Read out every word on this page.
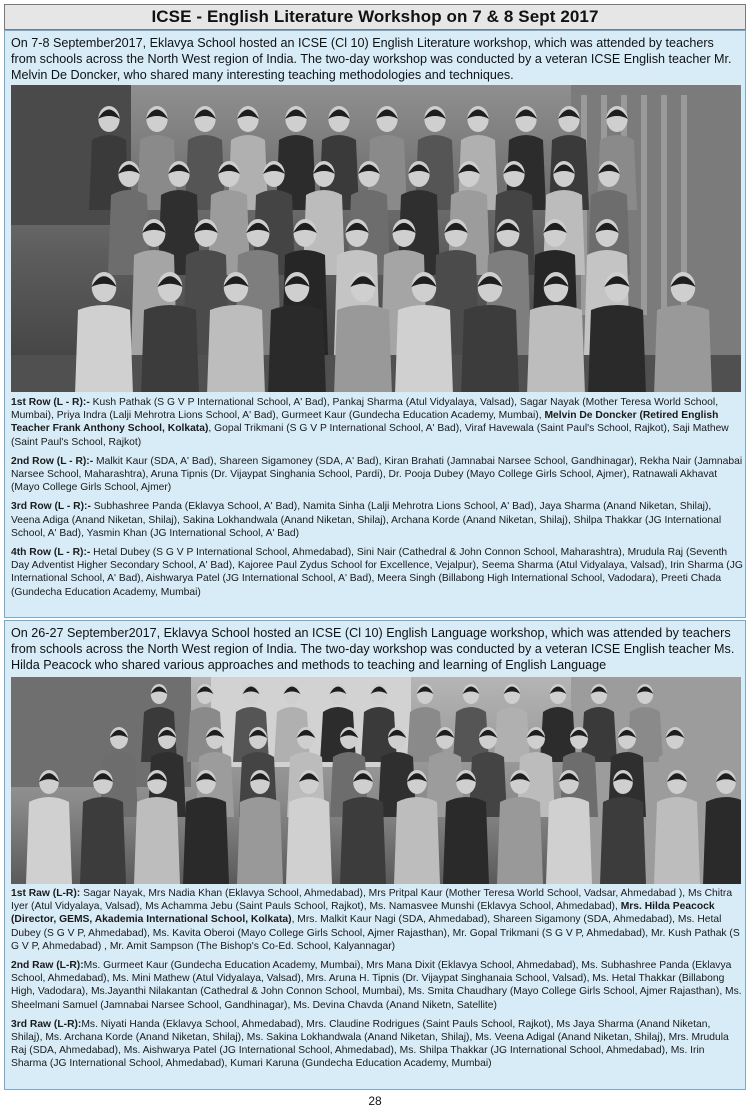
ICSE - English Literature Workshop on 7 & 8 Sept 2017

On 7-8 September2017, Eklavya School hosted an ICSE (Cl 10) English Literature workshop, which was attended by teachers from schools across the North West region of India. The two-day workshop was conducted by a veteran ICSE English teacher Mr. Melvin De Doncker, who shared many interesting teaching methodologies and techniques.

1st Row (L - R):- Kush Pathak (S G V P International School, A' Bad), Pankaj Sharma (Atul Vidyalaya, Valsad), Sagar Nayak (Mother Teresa World School, Mumbai), Priya Indra (Lalji Mehrotra Lions School, A' Bad), Gurmeet Kaur (Gundecha Education Academy, Mumbai), Melvin De Doncker (Retired English Teacher Frank Anthony School, Kolkata), Gopal Trikmani (S G V P International School, A' Bad), Viraf Havewala (Saint Paul's School, Rajkot), Saji Mathew (Saint Paul's School, Rajkot)

2nd Row (L - R):- Malkit Kaur (SDA, A' Bad), Shareen Sigamoney (SDA, A' Bad), Kiran Brahati (Jamnabai Narsee School, Gandhinagar), Rekha Nair (Jamnabai Narsee School, Maharashtra), Aruna Tipnis (Dr. Vijaypat Singhania School, Pardi), Dr. Pooja Dubey (Mayo College Girls School, Ajmer), Ratnawali Akhavat (Mayo College Girls School, Ajmer)

3rd Row (L - R):- Subhashree Panda (Eklavya School, A' Bad), Namita Sinha (Lalji Mehrotra Lions School, A' Bad), Jaya Sharma (Anand Niketan, Shilaj), Veena Adiga (Anand Niketan, Shilaj), Sakina Lokhandwala (Anand Niketan, Shilaj), Archana Korde (Anand Niketan, Shilaj), Shilpa Thakkar (JG International School, A' Bad), Yasmin Khan (JG International School, A' Bad)

4th Row (L - R):- Hetal Dubey (S G V P International School, Ahmedabad), Sini Nair (Cathedral & John Connon School, Maharashtra), Mrudula Raj (Seventh Day Adventist Higher Secondary School, A' Bad), Kajoree Paul Zydus School for Excellence, Vejalpur), Seema Sharma (Atul Vidyalaya, Valsad), Irin Sharma (JG International School, A' Bad), Aishwarya Patel (JG International School, A' Bad), Meera Singh (Billabong High International School, Vadodara), Preeti Chada (Gundecha Education Academy, Mumbai)

On 26-27 September2017, Eklavya School hosted an ICSE (Cl 10) English Language workshop, which was attended by teachers from schools across the North West region of India. The two-day workshop was conducted by a veteran ICSE English teacher Ms. Hilda Peacock who shared various approaches and methods to teaching and learning of English Language

1st Raw (L-R): Sagar Nayak, Mrs Nadia Khan (Eklavya School, Ahmedabad), Mrs Pritpal Kaur (Mother Teresa World School, Vadsar, Ahmedabad ), Ms Chitra Iyer (Atul Vidyalaya, Valsad), Ms Achamma Jebu (Saint Pauls School, Rajkot), Ms. Namasvee Munshi (Eklavya School, Ahmedabad), Mrs. Hilda Peacock (Director, GEMS, Akademia International School, Kolkata), Mrs. Malkit Kaur Nagi (SDA, Ahmedabad), Shareen Sigamony (SDA, Ahmedabad), Ms. Hetal Dubey (S G V P, Ahmedabad), Ms. Kavita Oberoi (Mayo College Girls School, Ajmer Rajasthan), Mr. Gopal Trikmani (S G V P, Ahmedabad), Mr. Kush Pathak (S G V P, Ahmedabad) , Mr. Amit Sampson (The Bishop's Co-Ed. School, Kalyannagar)

2nd Raw (L-R):Ms. Gurmeet Kaur (Gundecha Education Academy, Mumbai), Mrs Mana Dixit (Eklavya School, Ahmedabad), Ms. Subhashree Panda (Eklavya School, Ahmedabad), Ms. Mini Mathew (Atul Vidyalaya, Valsad), Mrs. Aruna H. Tipnis (Dr. Vijaypat Singhanaia School, Valsad), Ms. Hetal Thakkar (Billabong High, Vadodara), Ms.Jayanthi Nilakantan (Cathedral & John Connon School, Mumbai), Ms. Smita Chaudhary (Mayo College Girls School, Ajmer Rajasthan), Ms. Sheelmani Samuel (Jamnabai Narsee School, Gandhinagar), Ms. Devina Chavda (Anand Niketn, Satellite)

3rd Raw (L-R):Ms. Niyati Handa (Eklavya School, Ahmedabad), Mrs. Claudine Rodrigues (Saint Pauls School, Rajkot), Ms Jaya Sharma (Anand Niketan, Shilaj), Ms. Archana Korde (Anand Niketan, Shilaj), Ms. Sakina Lokhandwala (Anand Niketan, Shilaj), Ms. Veena Adigal (Anand Niketan, Shilaj), Mrs. Mrudula Raj (SDA, Ahmedabad), Ms. Aishwarya Patel (JG International School, Ahmedabad), Ms. Shilpa Thakkar (JG International School, Ahmedabad), Ms. Irin Sharma (JG International School, Ahmedabad), Kumari Karuna (Gundecha Education Academy, Mumbai)

28
